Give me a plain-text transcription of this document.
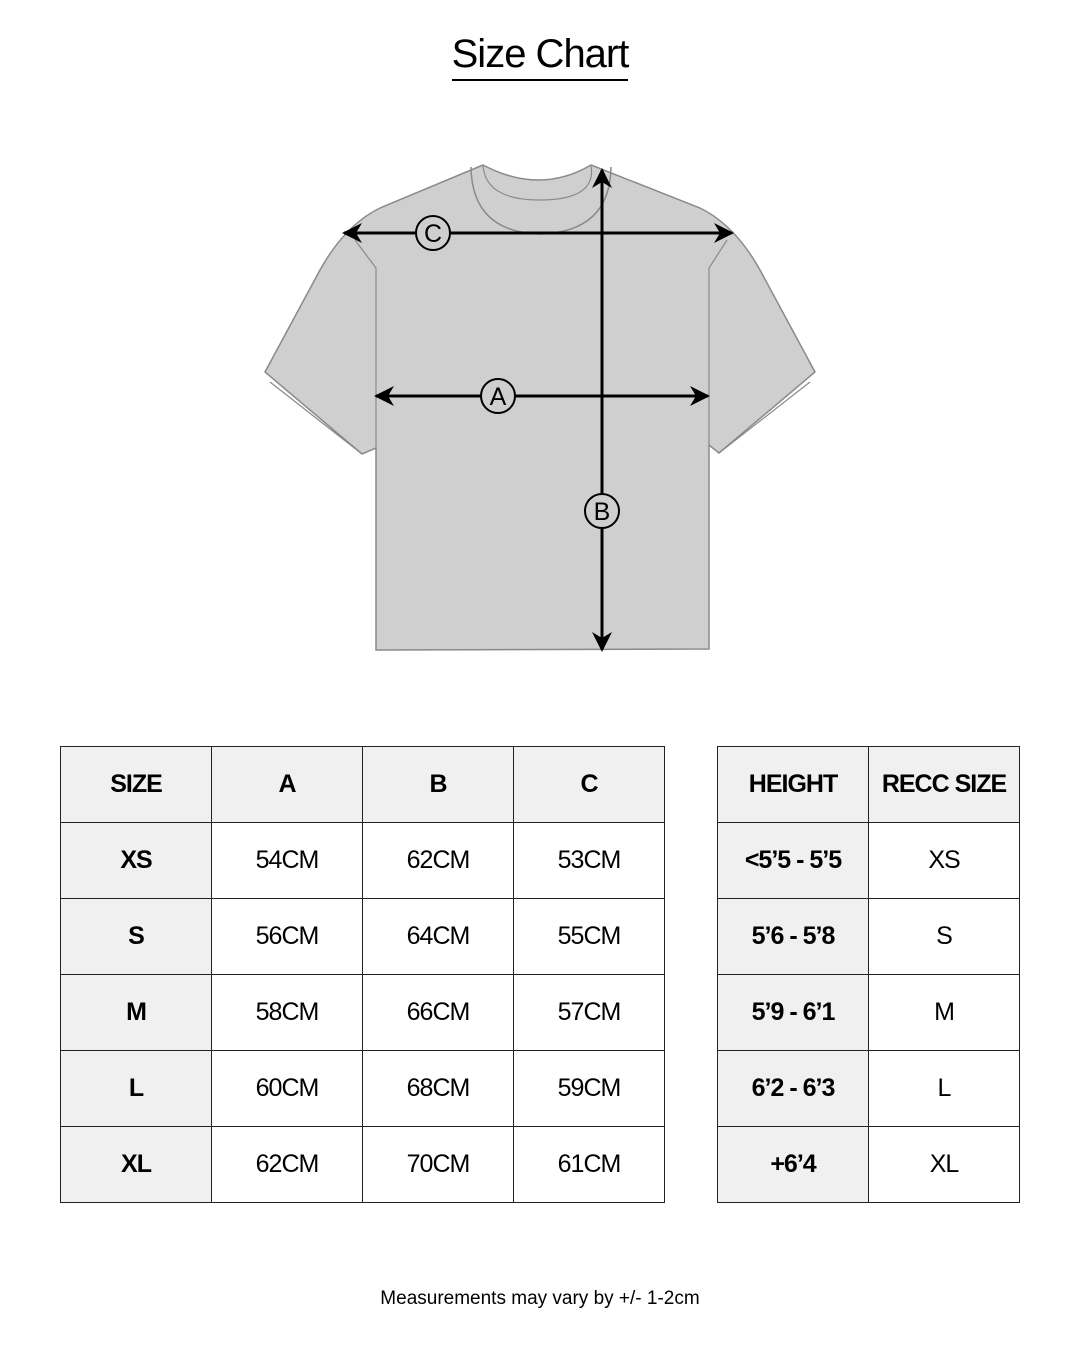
Size Chart
C
A
B
SIZE	A	B	C
XS	54CM	62CM	53CM
S	56CM	64CM	55CM
M	58CM	66CM	57CM
L	60CM	68CM	59CM
XL	62CM	70CM	61CM
HEIGHT	RECC SIZE
<5’5 - 5’5	XS
5’6 - 5’8	S
5’9 - 6’1	M
6’2 - 6’3	L
+6’4	XL
Measurements may vary by +/- 1-2cm
